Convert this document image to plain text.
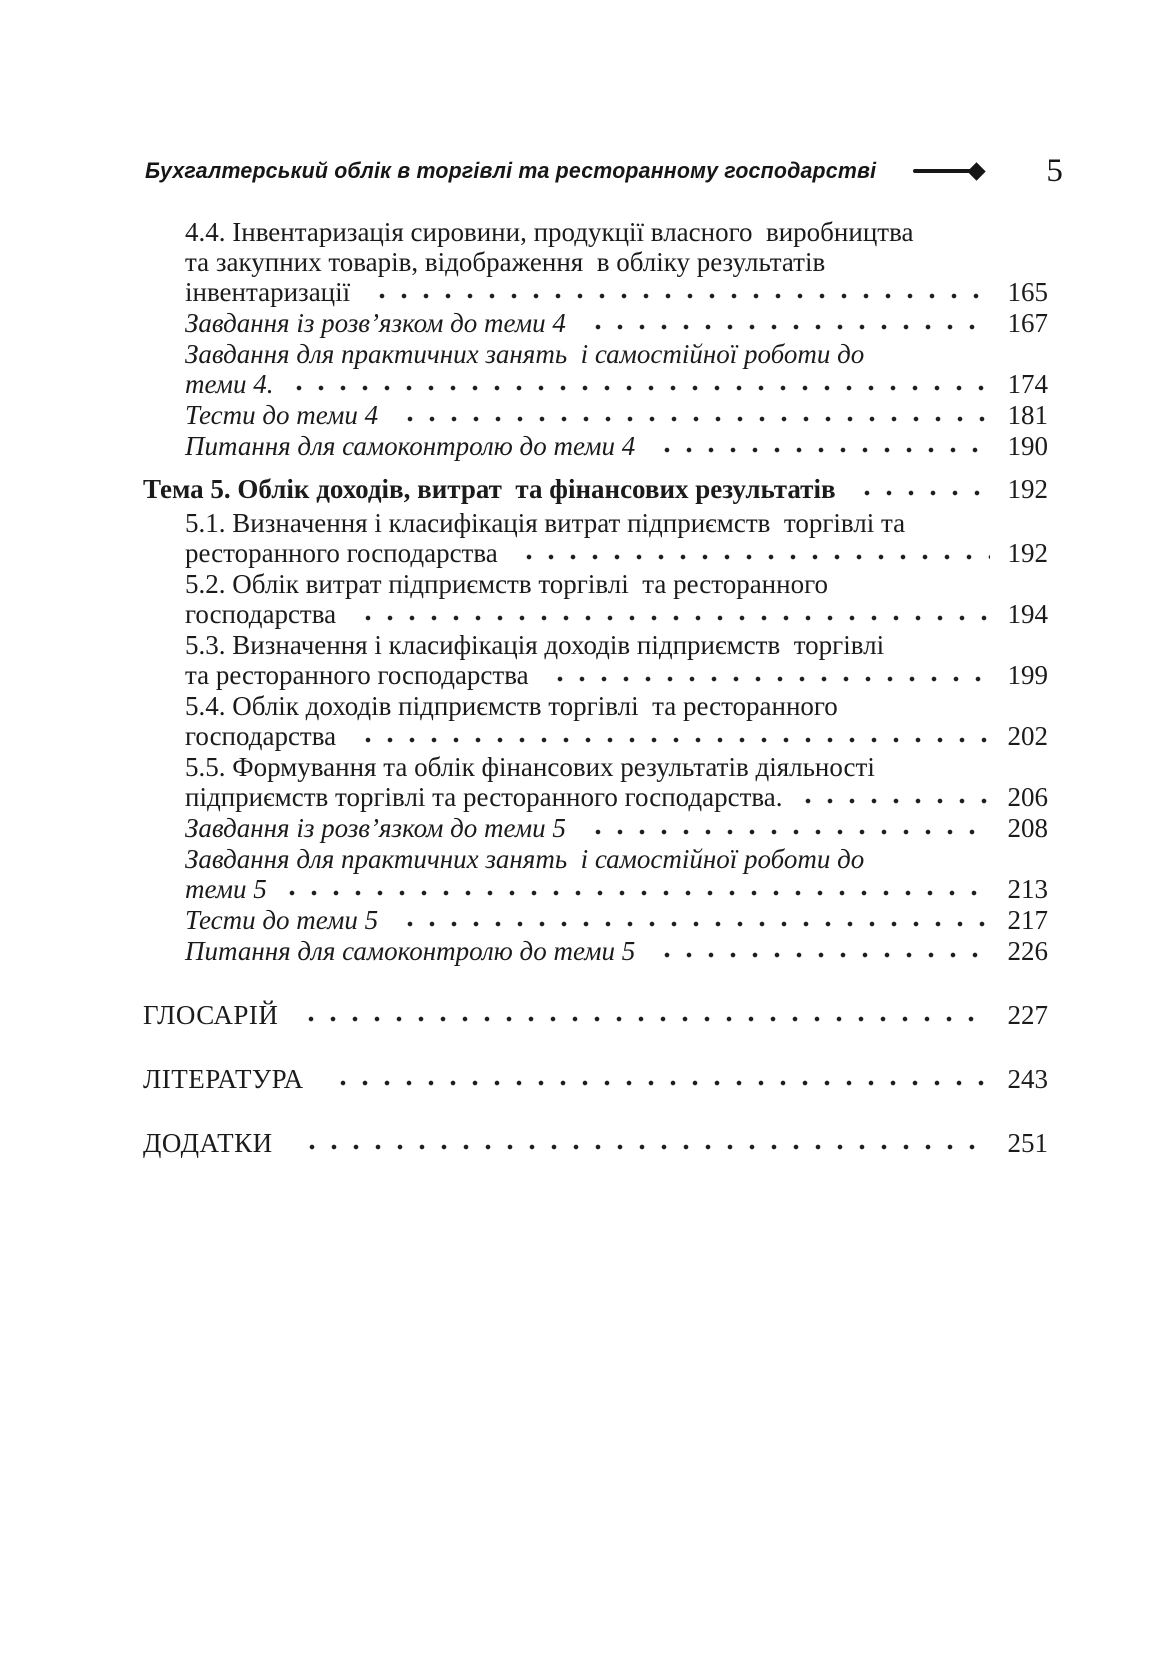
Бухгалтерський облік в торгівлі та ресторанному господарстві	5
4.4. Інвентаризація сировини, продукції власного  виробництва
та закупних товарів, відображення  в обліку результатів
інвентаризації	165
Завдання із розв’язком до теми 4	167
Завдання для практичних занять  і самостійної роботи до
теми 4.	174
Тести до теми 4	181
Питання для самоконтролю до теми 4	190
Тема 5. Облік доходів, витрат  та фінансових результатів	192
5.1. Визначення і класифікація витрат підприємств  торгівлі та
ресторанного господарства	192
5.2. Облік витрат підприємств торгівлі  та ресторанного
господарства	194
5.3. Визначення і класифікація доходів підприємств  торгівлі
та ресторанного господарства	199
5.4. Облік доходів підприємств торгівлі  та ресторанного
господарства	202
5.5. Формування та облік фінансових результатів діяльності
підприємств торгівлі та ресторанного господарства.	206
Завдання із розв’язком до теми 5	208
Завдання для практичних занять  і самостійної роботи до
теми 5	213
Тести до теми 5	217
Питання для самоконтролю до теми 5	226
ГЛОСАРІЙ	227
ЛІТЕРАТУРА	243
ДОДАТКИ	251
